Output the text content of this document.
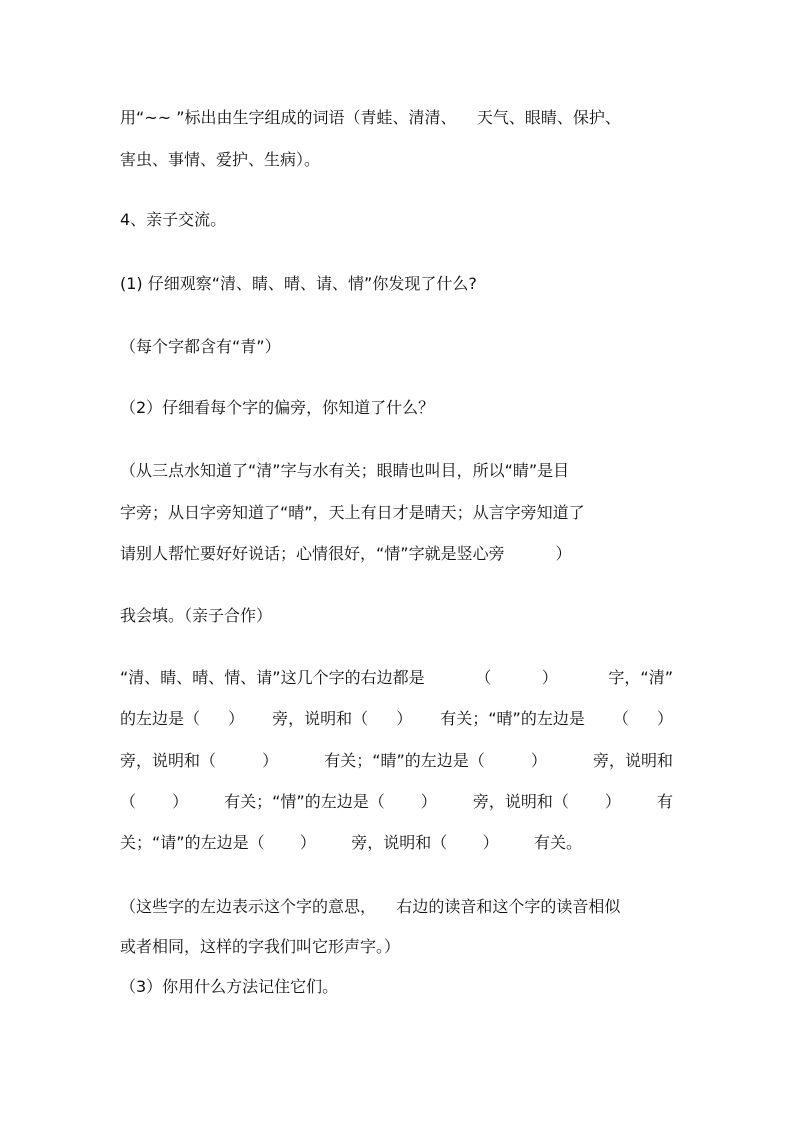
用“~~ ”标出由生字组成的词语（青蛙、清清、    天气、眼睛、保护、
害虫、事情、爱护、生病）。
4、亲子交流。
(1) 仔细观察“清、睛、晴、请、情”你发现了什么?
（每个字都含有“青”）
（2）仔细看每个字的偏旁，你知道了什么？
（从三点水知道了“清”字与水有关；眼睛也叫目，所以“睛”是目
字旁；从日字旁知道了“晴”，天上有日才是晴天；从言字旁知道了
请别人帮忙要好好说话；心情很好，“情”字就是竖心旁          ）
我会填。（亲子合作）
“清、睛、晴、情、请”这几个字的右边都是	（	）	字，“清”
的左边是（ ） 旁，说明和（ ） 有关；“晴”的左边是 （ ）
旁，说明和（	）	有关；“睛”的左边是（	）	旁，说明和
（ ） 有关；“情”的左边是（ ） 旁，说明和（ ） 有
关；“请”的左边是（ ） 旁，说明和（ ） 有关。
（这些字的左边表示这个字的意思，    右边的读音和这个字的读音相似
或者相同，这样的字我们叫它形声字。）
（3）你用什么方法记住它们。
